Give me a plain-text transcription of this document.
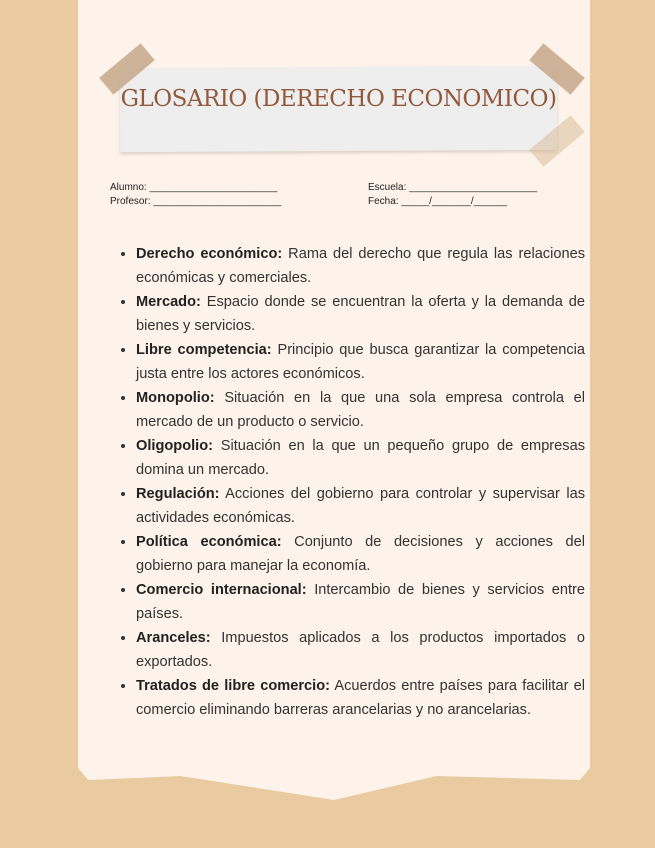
GLOSARIO (DERECHO ECONOMICO)
Alumno: _______________________
Profesor: _______________________
Escuela: _______________________
Fecha: _____/_______/______
• Derecho económico: Rama del derecho que regula las relaciones económicas y comerciales.
• Mercado: Espacio donde se encuentran la oferta y la demanda de bienes y servicios.
• Libre competencia: Principio que busca garantizar la competencia justa entre los actores económicos.
• Monopolio: Situación en la que una sola empresa controla el mercado de un producto o servicio.
• Oligopolio: Situación en la que un pequeño grupo de empresas domina un mercado.
• Regulación: Acciones del gobierno para controlar y supervisar las actividades económicas.
• Política económica: Conjunto de decisiones y acciones del gobierno para manejar la economía.
• Comercio internacional: Intercambio de bienes y servicios entre países.
• Aranceles: Impuestos aplicados a los productos importados o exportados.
• Tratados de libre comercio: Acuerdos entre países para facilitar el comercio eliminando barreras arancelarias y no arancelarias.
